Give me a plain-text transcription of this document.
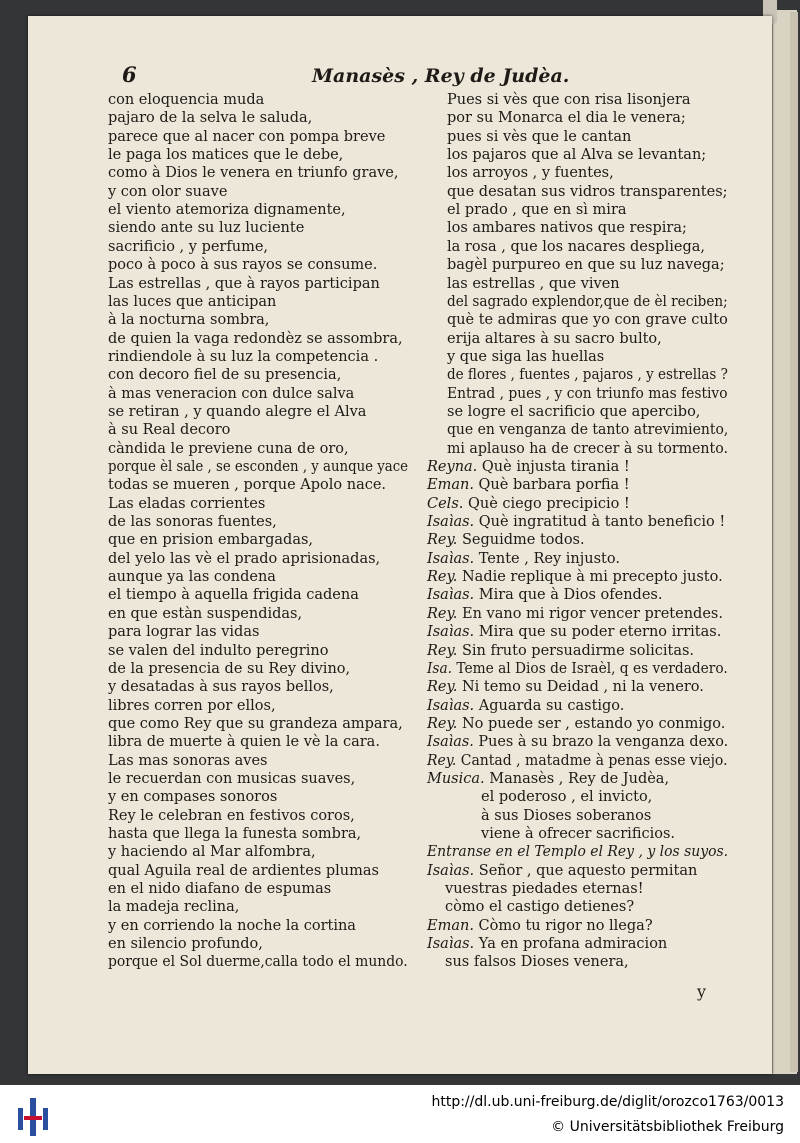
6	Manasès , Rey de Judèa.
con eloquencia muda
pajaro de la selva le saluda,
parece que al nacer con pompa breve
le paga los matices que le debe,
como à Dios le venera en triunfo grave,
y con olor suave
el viento atemoriza dignamente,
siendo ante su luz luciente
sacrificio , y perfume,
poco à poco à sus rayos se consume.
Las estrellas , que à rayos participan
las luces que anticipan
à la nocturna sombra,
de quien la vaga redondèz se assombra,
rindiendole à su luz la competencia .
con decoro fiel de su presencia,
à mas veneracion con dulce salva
se retiran , y quando alegre el Alva
à su Real decoro
càndida le previene cuna de oro,
porque èl sale , se esconden , y aunque yace
todas se mueren , porque Apolo nace.
Las eladas corrientes
de las sonoras fuentes,
que en prision embargadas,
del yelo las vè el prado aprisionadas,
aunque ya las condena
el tiempo à aquella frigida cadena
en que estàn suspendidas,
para lograr las vidas
se valen del indulto peregrino
de la presencia de su Rey divino,
y desatadas à sus rayos bellos,
libres corren por ellos,
que como Rey que su grandeza ampara,
libra de muerte à quien le vè la cara.
Las mas sonoras aves
le recuerdan con musicas suaves,
y en compases sonoros
Rey le celebran en festivos coros,
hasta que llega la funesta sombra,
y haciendo al Mar alfombra,
qual Aguila real de ardientes plumas
en el nido diafano de espumas
la madeja reclina,
y en corriendo la noche la cortina
en silencio profundo,
porque el Sol duerme,calla todo el mundo.
Pues si vès que con risa lisonjera
por su Monarca el dia le venera;
pues si vès que le cantan
los pajaros que al Alva se levantan;
los arroyos , y fuentes,
que desatan sus vidros transparentes;
el prado , que en sì mira
los ambares nativos que respira;
la rosa , que los nacares despliega,
bagèl purpureo en que su luz navega;
las estrellas , que viven
del sagrado explendor,que de èl reciben;
què te admiras que yo con grave culto
erija altares à su sacro bulto,
y que siga las huellas
de flores , fuentes , pajaros , y estrellas ?
Entrad , pues , y con triunfo mas festivo
se logre el sacrificio que apercibo,
que en venganza de tanto atrevimiento,
mi aplauso ha de crecer à su tormento.
Reyna. Què injusta tirania !
Eman. Què barbara porfia !
Cels. Què ciego precipicio !
Isaìas. Què ingratitud à tanto beneficio !
Rey. Seguidme todos.
Isaìas. Tente , Rey injusto.
Rey. Nadie replique à mi precepto justo.
Isaìas. Mira que à Dios ofendes.
Rey. En vano mi rigor vencer pretendes.
Isaìas. Mira que su poder eterno irritas.
Rey. Sin fruto persuadirme solicitas.
Isa. Teme al Dios de Israèl, q es verdadero.
Rey. Ni temo su Deidad , ni la venero.
Isaìas. Aguarda su castigo.
Rey. No puede ser , estando yo conmigo.
Isaìas. Pues à su brazo la venganza dexo.
Rey. Cantad , matadme à penas esse viejo.
Musica. Manasès , Rey de Judèa,
el poderoso , el invicto,
à sus Dioses soberanos
viene à ofrecer sacrificios.
Entranse en el Templo el Rey , y los suyos.
Isaìas. Señor , que aquesto permitan
vuestras piedades eternas!
còmo el castigo detienes?
Eman. Còmo tu rigor no llega?
Isaìas. Ya en profana admiracion
sus falsos Dioses venera,
y
http://dl.ub.uni-freiburg.de/diglit/orozco1763/0013
© Universitätsbibliothek Freiburg
